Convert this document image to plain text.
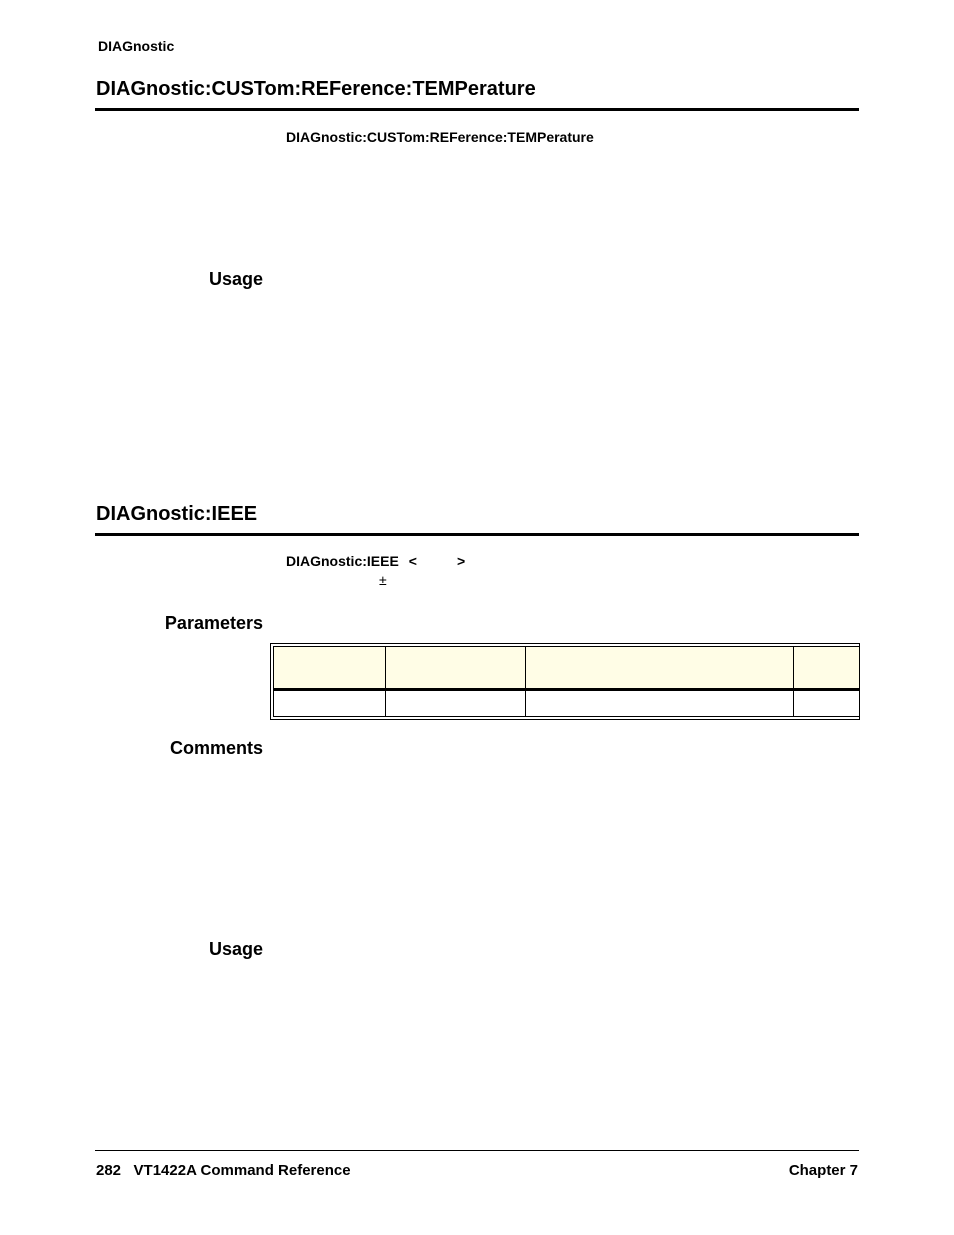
DIAGnostic
DIAGnostic:CUSTom:REFerence:TEMPerature
DIAGnostic:CUSTom:REFerence:TEMPerature
Usage
DIAGnostic:IEEE
DIAGnostic:IEEE <	>
±
Parameters

Comments
Usage
282 VT1422A Command Reference	Chapter 7
